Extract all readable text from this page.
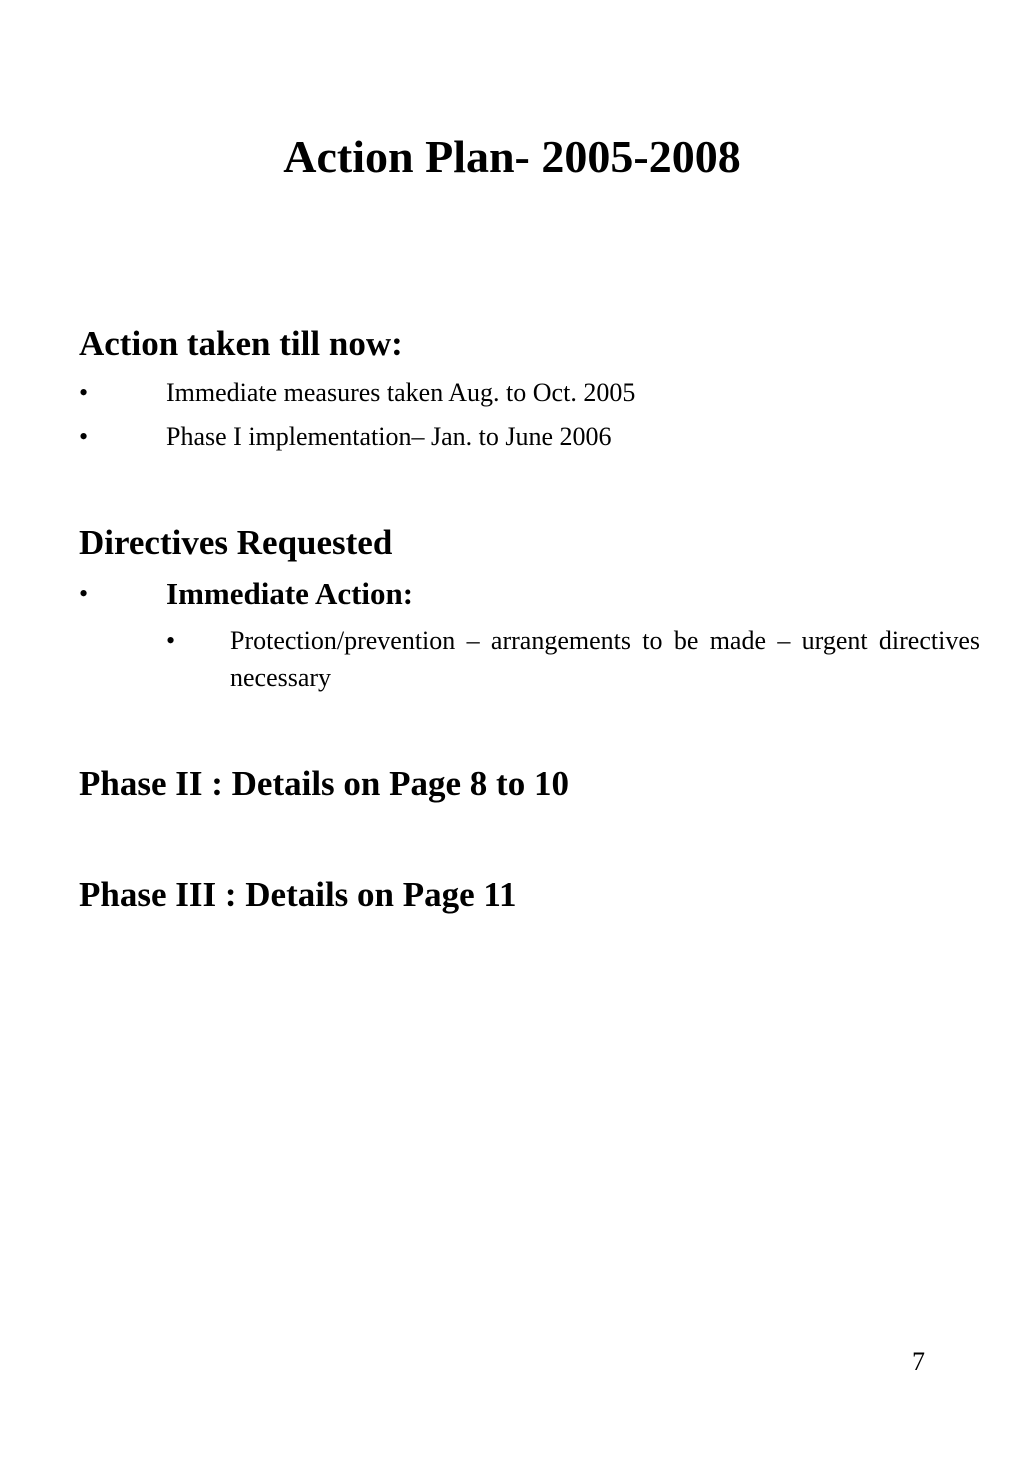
Action Plan- 2005-2008
Action taken till now:
•	Immediate measures taken Aug. to Oct. 2005
•	Phase I implementation– Jan. to June 2006
Directives Requested
•	Immediate Action:
• Protection/prevention – arrangements to be made – urgent directives necessary
Phase II : Details on Page 8 to 10
Phase III : Details on Page 11
7
